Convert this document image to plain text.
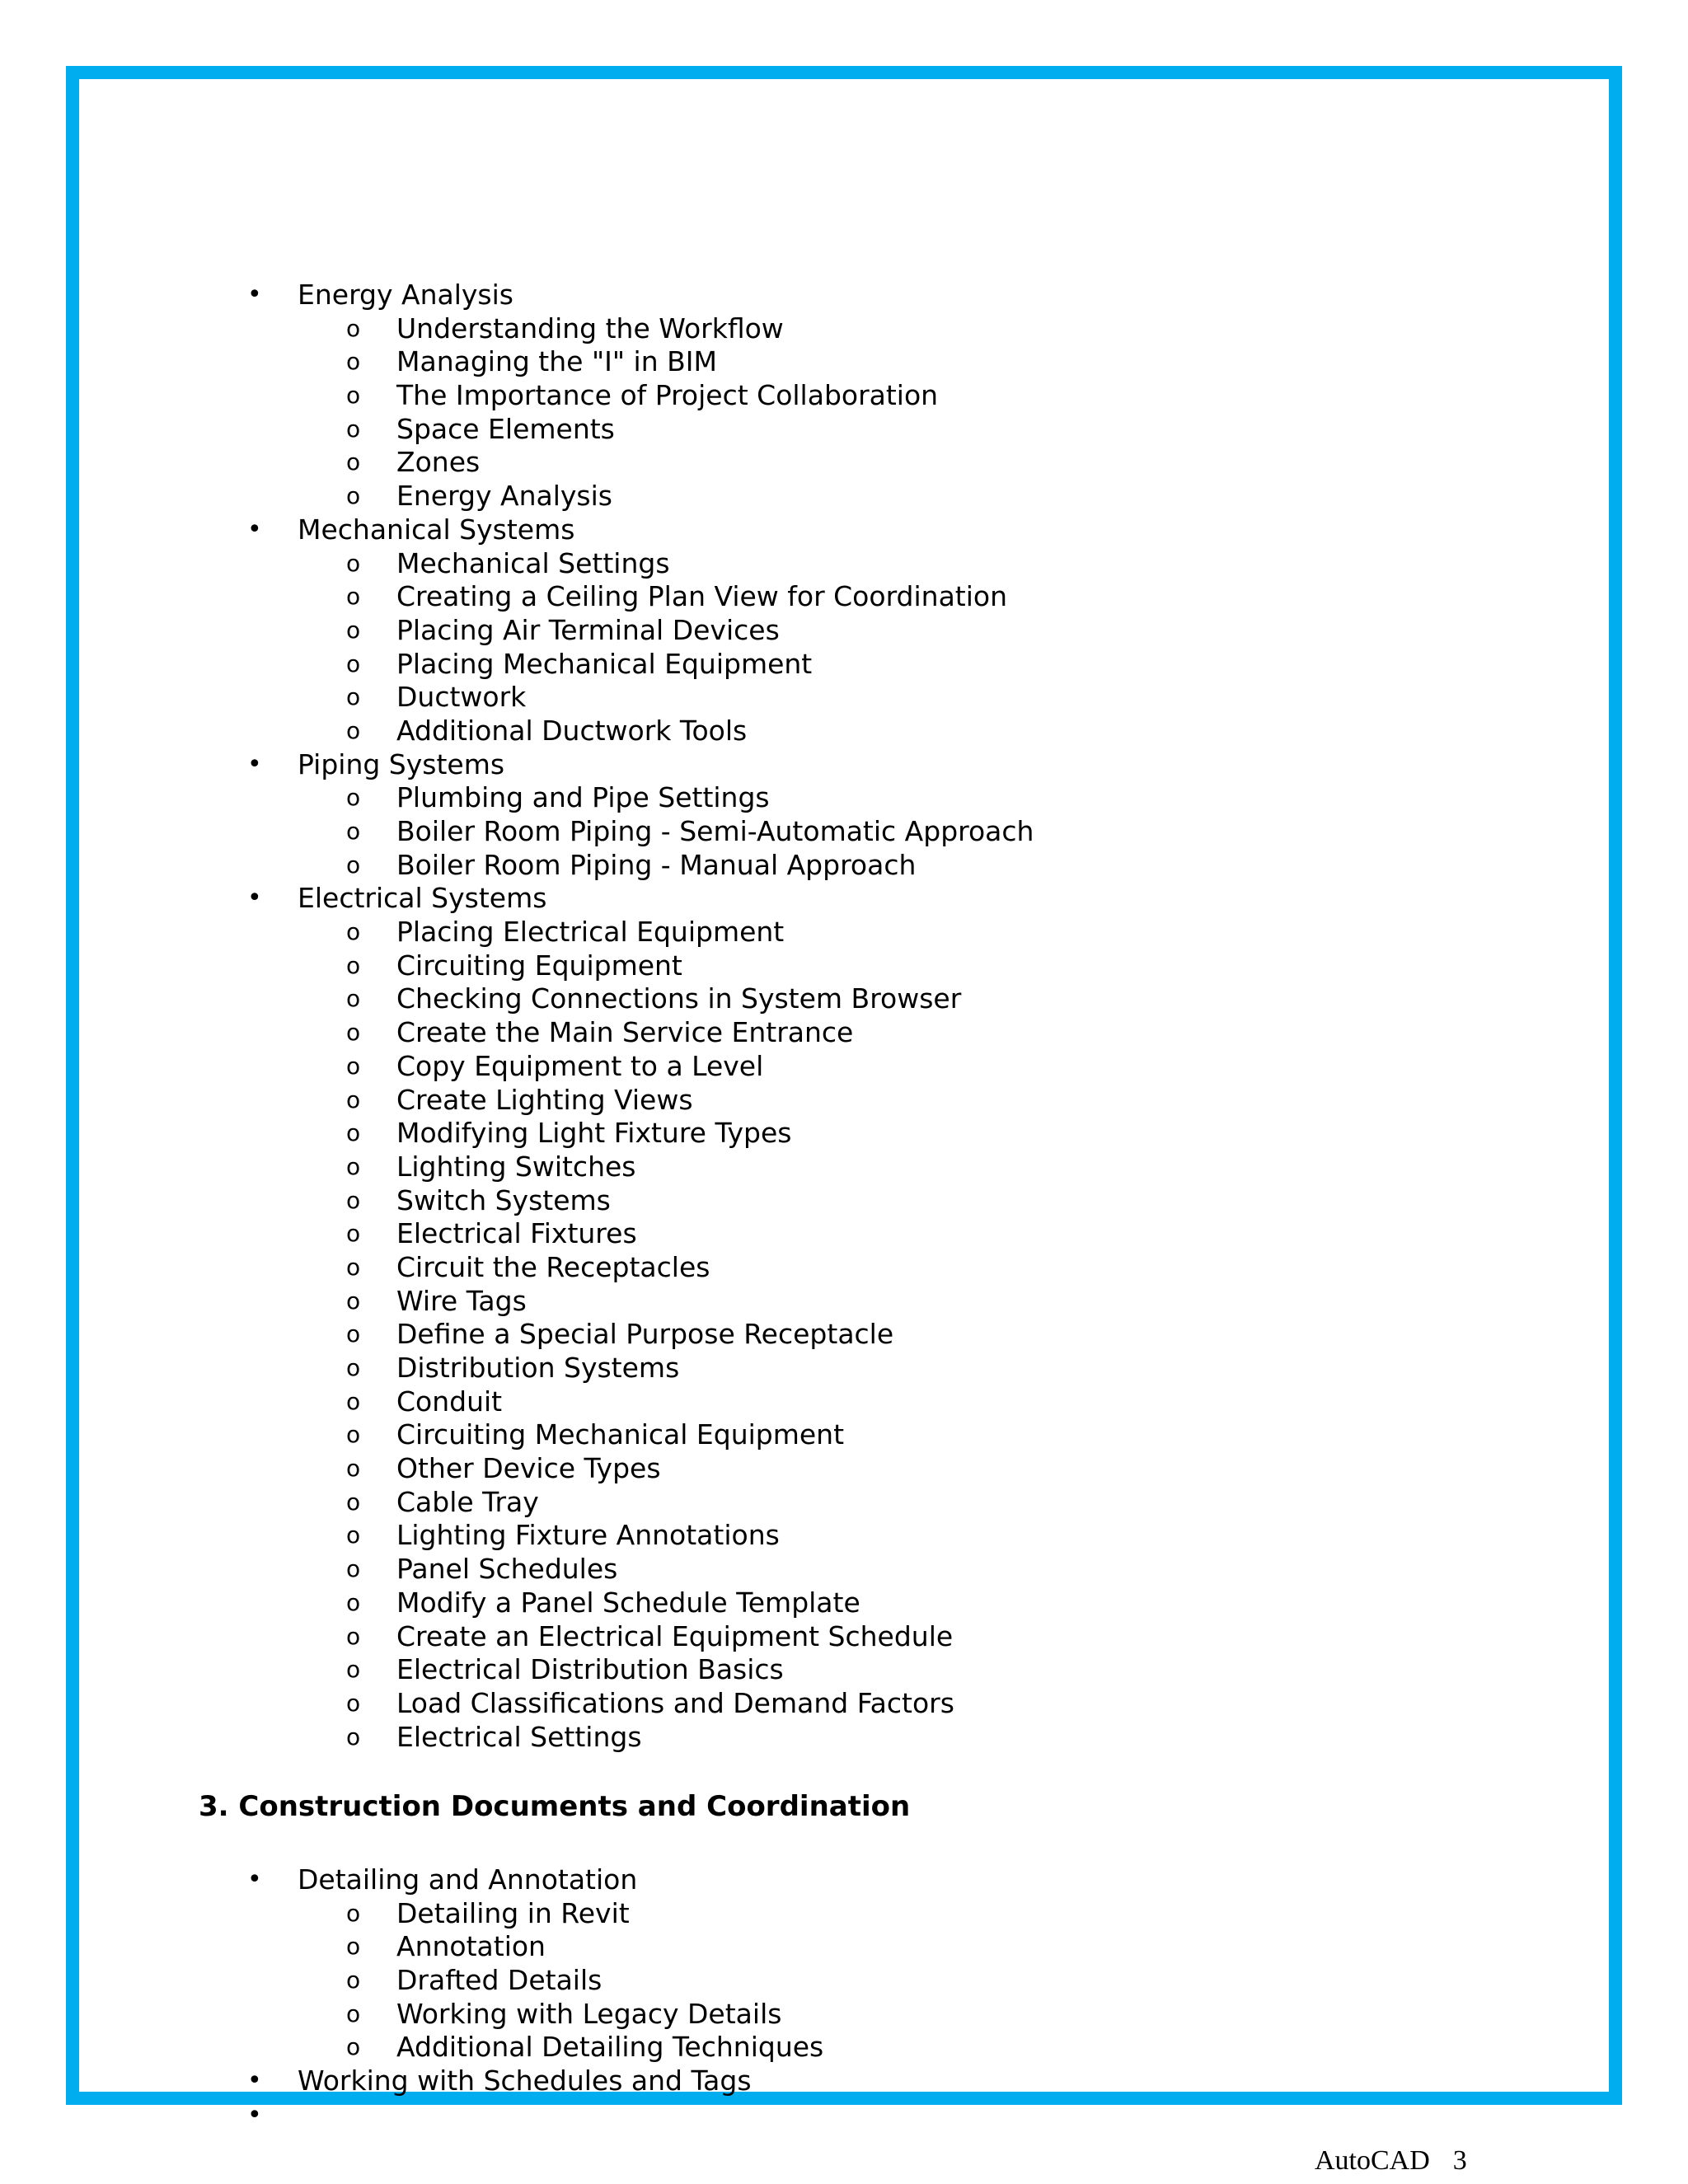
• Energy Analysis
o Understanding the Workflow
o Managing the "I" in BIM
o The Importance of Project Collaboration
o Space Elements
o Zones
o Energy Analysis
• Mechanical Systems
o Mechanical Settings
o Creating a Ceiling Plan View for Coordination
o Placing Air Terminal Devices
o Placing Mechanical Equipment
o Ductwork
o Additional Ductwork Tools
• Piping Systems
o Plumbing and Pipe Settings
o Boiler Room Piping - Semi-Automatic Approach
o Boiler Room Piping - Manual Approach
• Electrical Systems
o Placing Electrical Equipment
o Circuiting Equipment
o Checking Connections in System Browser
o Create the Main Service Entrance
o Copy Equipment to a Level
o Create Lighting Views
o Modifying Light Fixture Types
o Lighting Switches
o Switch Systems
o Electrical Fixtures
o Circuit the Receptacles
o Wire Tags
o Define a Special Purpose Receptacle
o Distribution Systems
o Conduit
o Circuiting Mechanical Equipment
o Other Device Types
o Cable Tray
o Lighting Fixture Annotations
o Panel Schedules
o Modify a Panel Schedule Template
o Create an Electrical Equipment Schedule
o Electrical Distribution Basics
o Load Classifications and Demand Factors
o Electrical Settings
3. Construction Documents and Coordination
• Detailing and Annotation
o Detailing in Revit
o Annotation
o Drafted Details
o Working with Legacy Details
o Additional Detailing Techniques
• Working with Schedules and Tags
•
AutoCAD 3
